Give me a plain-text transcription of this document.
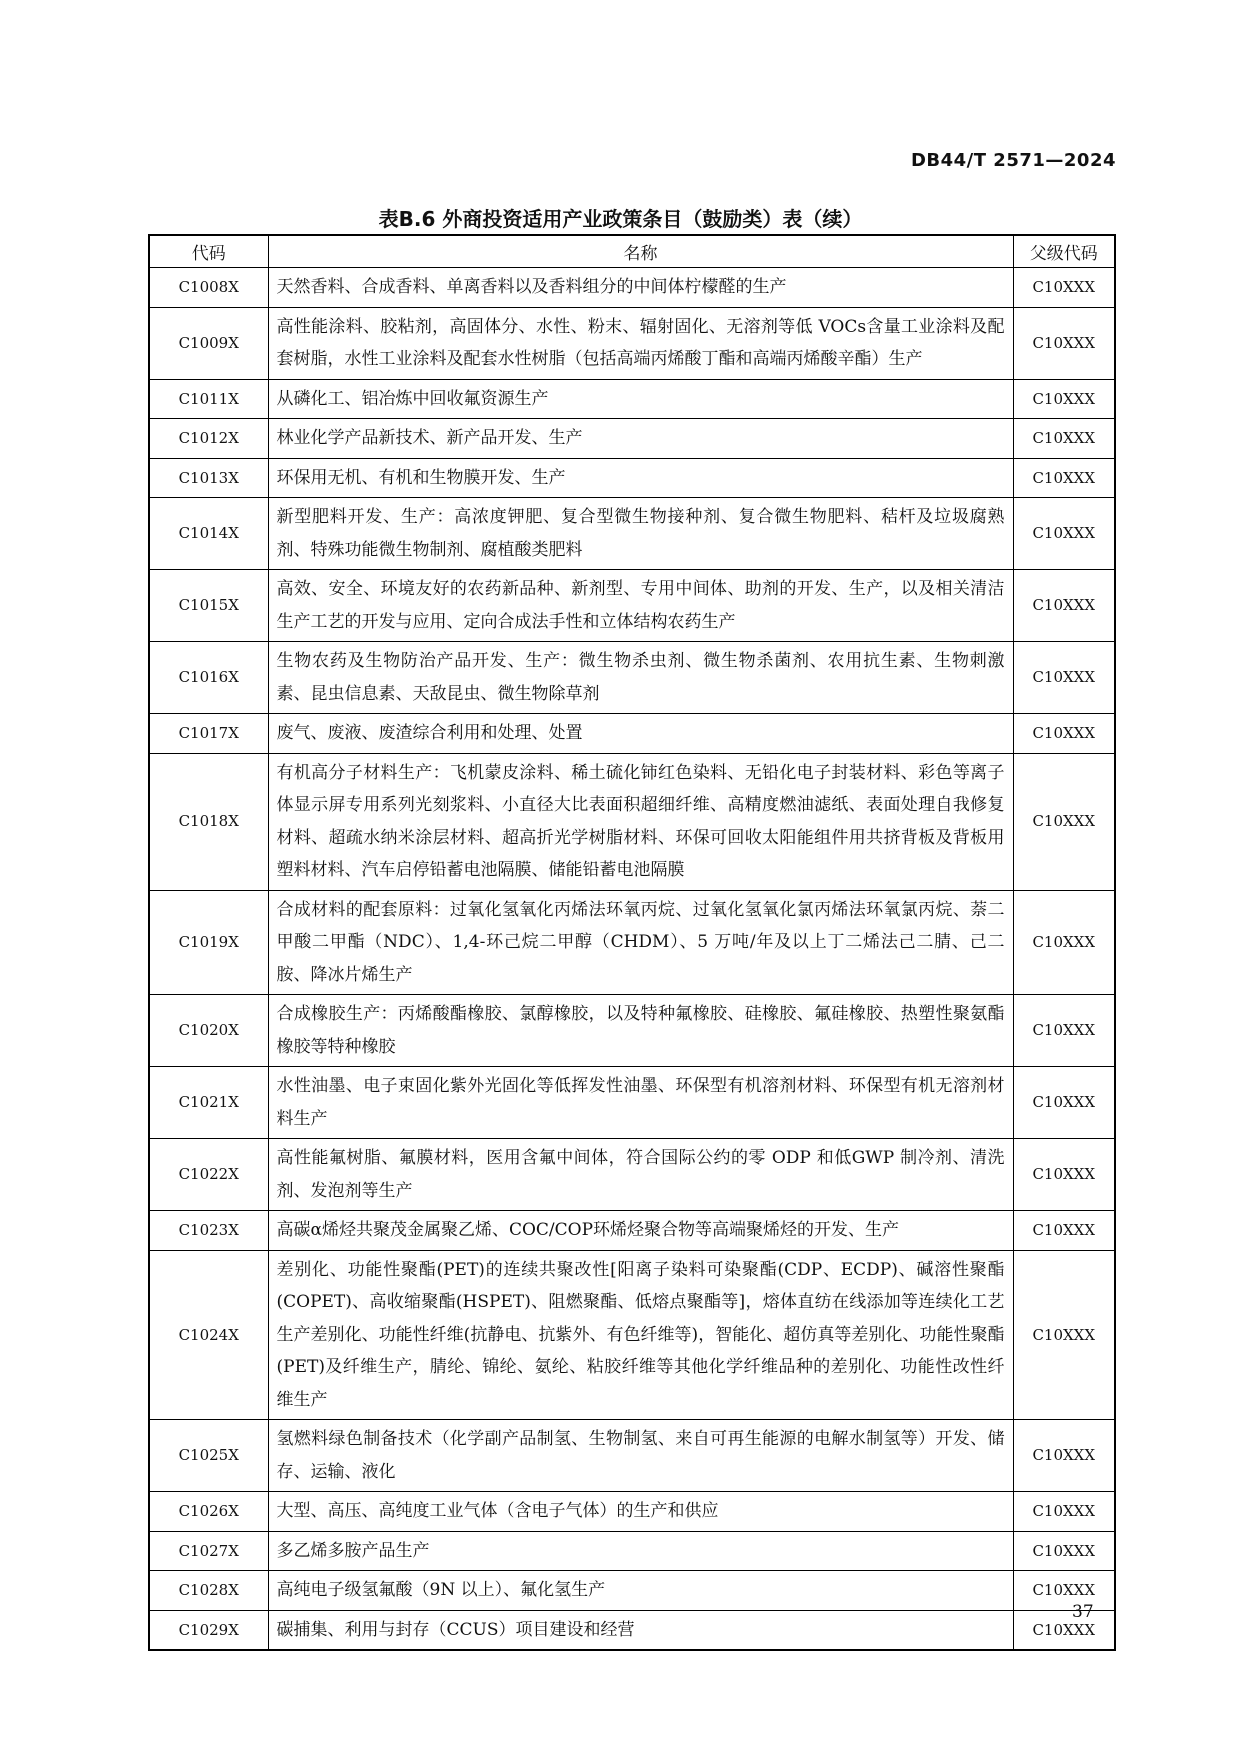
DB44/T 2571—2024
表B.6 外商投资适用产业政策条目（鼓励类）表（续）
代码	名称	父级代码
C1008X	天然香料、合成香料、单离香料以及香料组分的中间体柠檬醛的生产	C10XXX
C1009X	高性能涂料、胶粘剂，高固体分、水性、粉末、辐射固化、无溶剂等低 VOCs含量工业涂料及配套树脂，水性工业涂料及配套水性树脂（包括高端丙烯酸丁酯和高端丙烯酸辛酯）生产	C10XXX
C1011X	从磷化工、铝冶炼中回收氟资源生产	C10XXX
C1012X	林业化学产品新技术、新产品开发、生产	C10XXX
C1013X	环保用无机、有机和生物膜开发、生产	C10XXX
C1014X	新型肥料开发、生产：高浓度钾肥、复合型微生物接种剂、复合微生物肥料、秸杆及垃圾腐熟剂、特殊功能微生物制剂、腐植酸类肥料	C10XXX
C1015X	高效、安全、环境友好的农药新品种、新剂型、专用中间体、助剂的开发、生产，以及相关清洁生产工艺的开发与应用、定向合成法手性和立体结构农药生产	C10XXX
C1016X	生物农药及生物防治产品开发、生产：微生物杀虫剂、微生物杀菌剂、农用抗生素、生物刺激素、昆虫信息素、天敌昆虫、微生物除草剂	C10XXX
C1017X	废气、废液、废渣综合利用和处理、处置	C10XXX
C1018X	有机高分子材料生产：飞机蒙皮涂料、稀土硫化铈红色染料、无铅化电子封装材料、彩色等离子体显示屏专用系列光刻浆料、小直径大比表面积超细纤维、高精度燃油滤纸、表面处理自我修复材料、超疏水纳米涂层材料、超高折光学树脂材料、环保可回收太阳能组件用共挤背板及背板用塑料材料、汽车启停铅蓄电池隔膜、储能铅蓄电池隔膜	C10XXX
C1019X	合成材料的配套原料：过氧化氢氧化丙烯法环氧丙烷、过氧化氢氧化氯丙烯法环氧氯丙烷、萘二甲酸二甲酯（NDC）、1,4-环己烷二甲醇（CHDM）、5 万吨/年及以上丁二烯法己二腈、己二胺、降冰片烯生产	C10XXX
C1020X	合成橡胶生产：丙烯酸酯橡胶、氯醇橡胶，以及特种氟橡胶、硅橡胶、氟硅橡胶、热塑性聚氨酯橡胶等特种橡胶	C10XXX
C1021X	水性油墨、电子束固化紫外光固化等低挥发性油墨、环保型有机溶剂材料、环保型有机无溶剂材料生产	C10XXX
C1022X	高性能氟树脂、氟膜材料，医用含氟中间体，符合国际公约的零 ODP 和低GWP 制冷剂、清洗剂、发泡剂等生产	C10XXX
C1023X	高碳α烯烃共聚茂金属聚乙烯、COC/COP环烯烃聚合物等高端聚烯烃的开发、生产	C10XXX
C1024X	差别化、功能性聚酯(PET)的连续共聚改性[阳离子染料可染聚酯(CDP、ECDP)、碱溶性聚酯(COPET)、高收缩聚酯(HSPET)、阻燃聚酯、低熔点聚酯等]，熔体直纺在线添加等连续化工艺生产差别化、功能性纤维(抗静电、抗紫外、有色纤维等)，智能化、超仿真等差别化、功能性聚酯(PET)及纤维生产，腈纶、锦纶、氨纶、粘胶纤维等其他化学纤维品种的差别化、功能性改性纤维生产	C10XXX
C1025X	氢燃料绿色制备技术（化学副产品制氢、生物制氢、来自可再生能源的电解水制氢等）开发、储存、运输、液化	C10XXX
C1026X	大型、高压、高纯度工业气体（含电子气体）的生产和供应	C10XXX
C1027X	多乙烯多胺产品生产	C10XXX
C1028X	高纯电子级氢氟酸（9N 以上）、氟化氢生产	C10XXX
C1029X	碳捕集、利用与封存（CCUS）项目建设和经营	C10XXX
37
